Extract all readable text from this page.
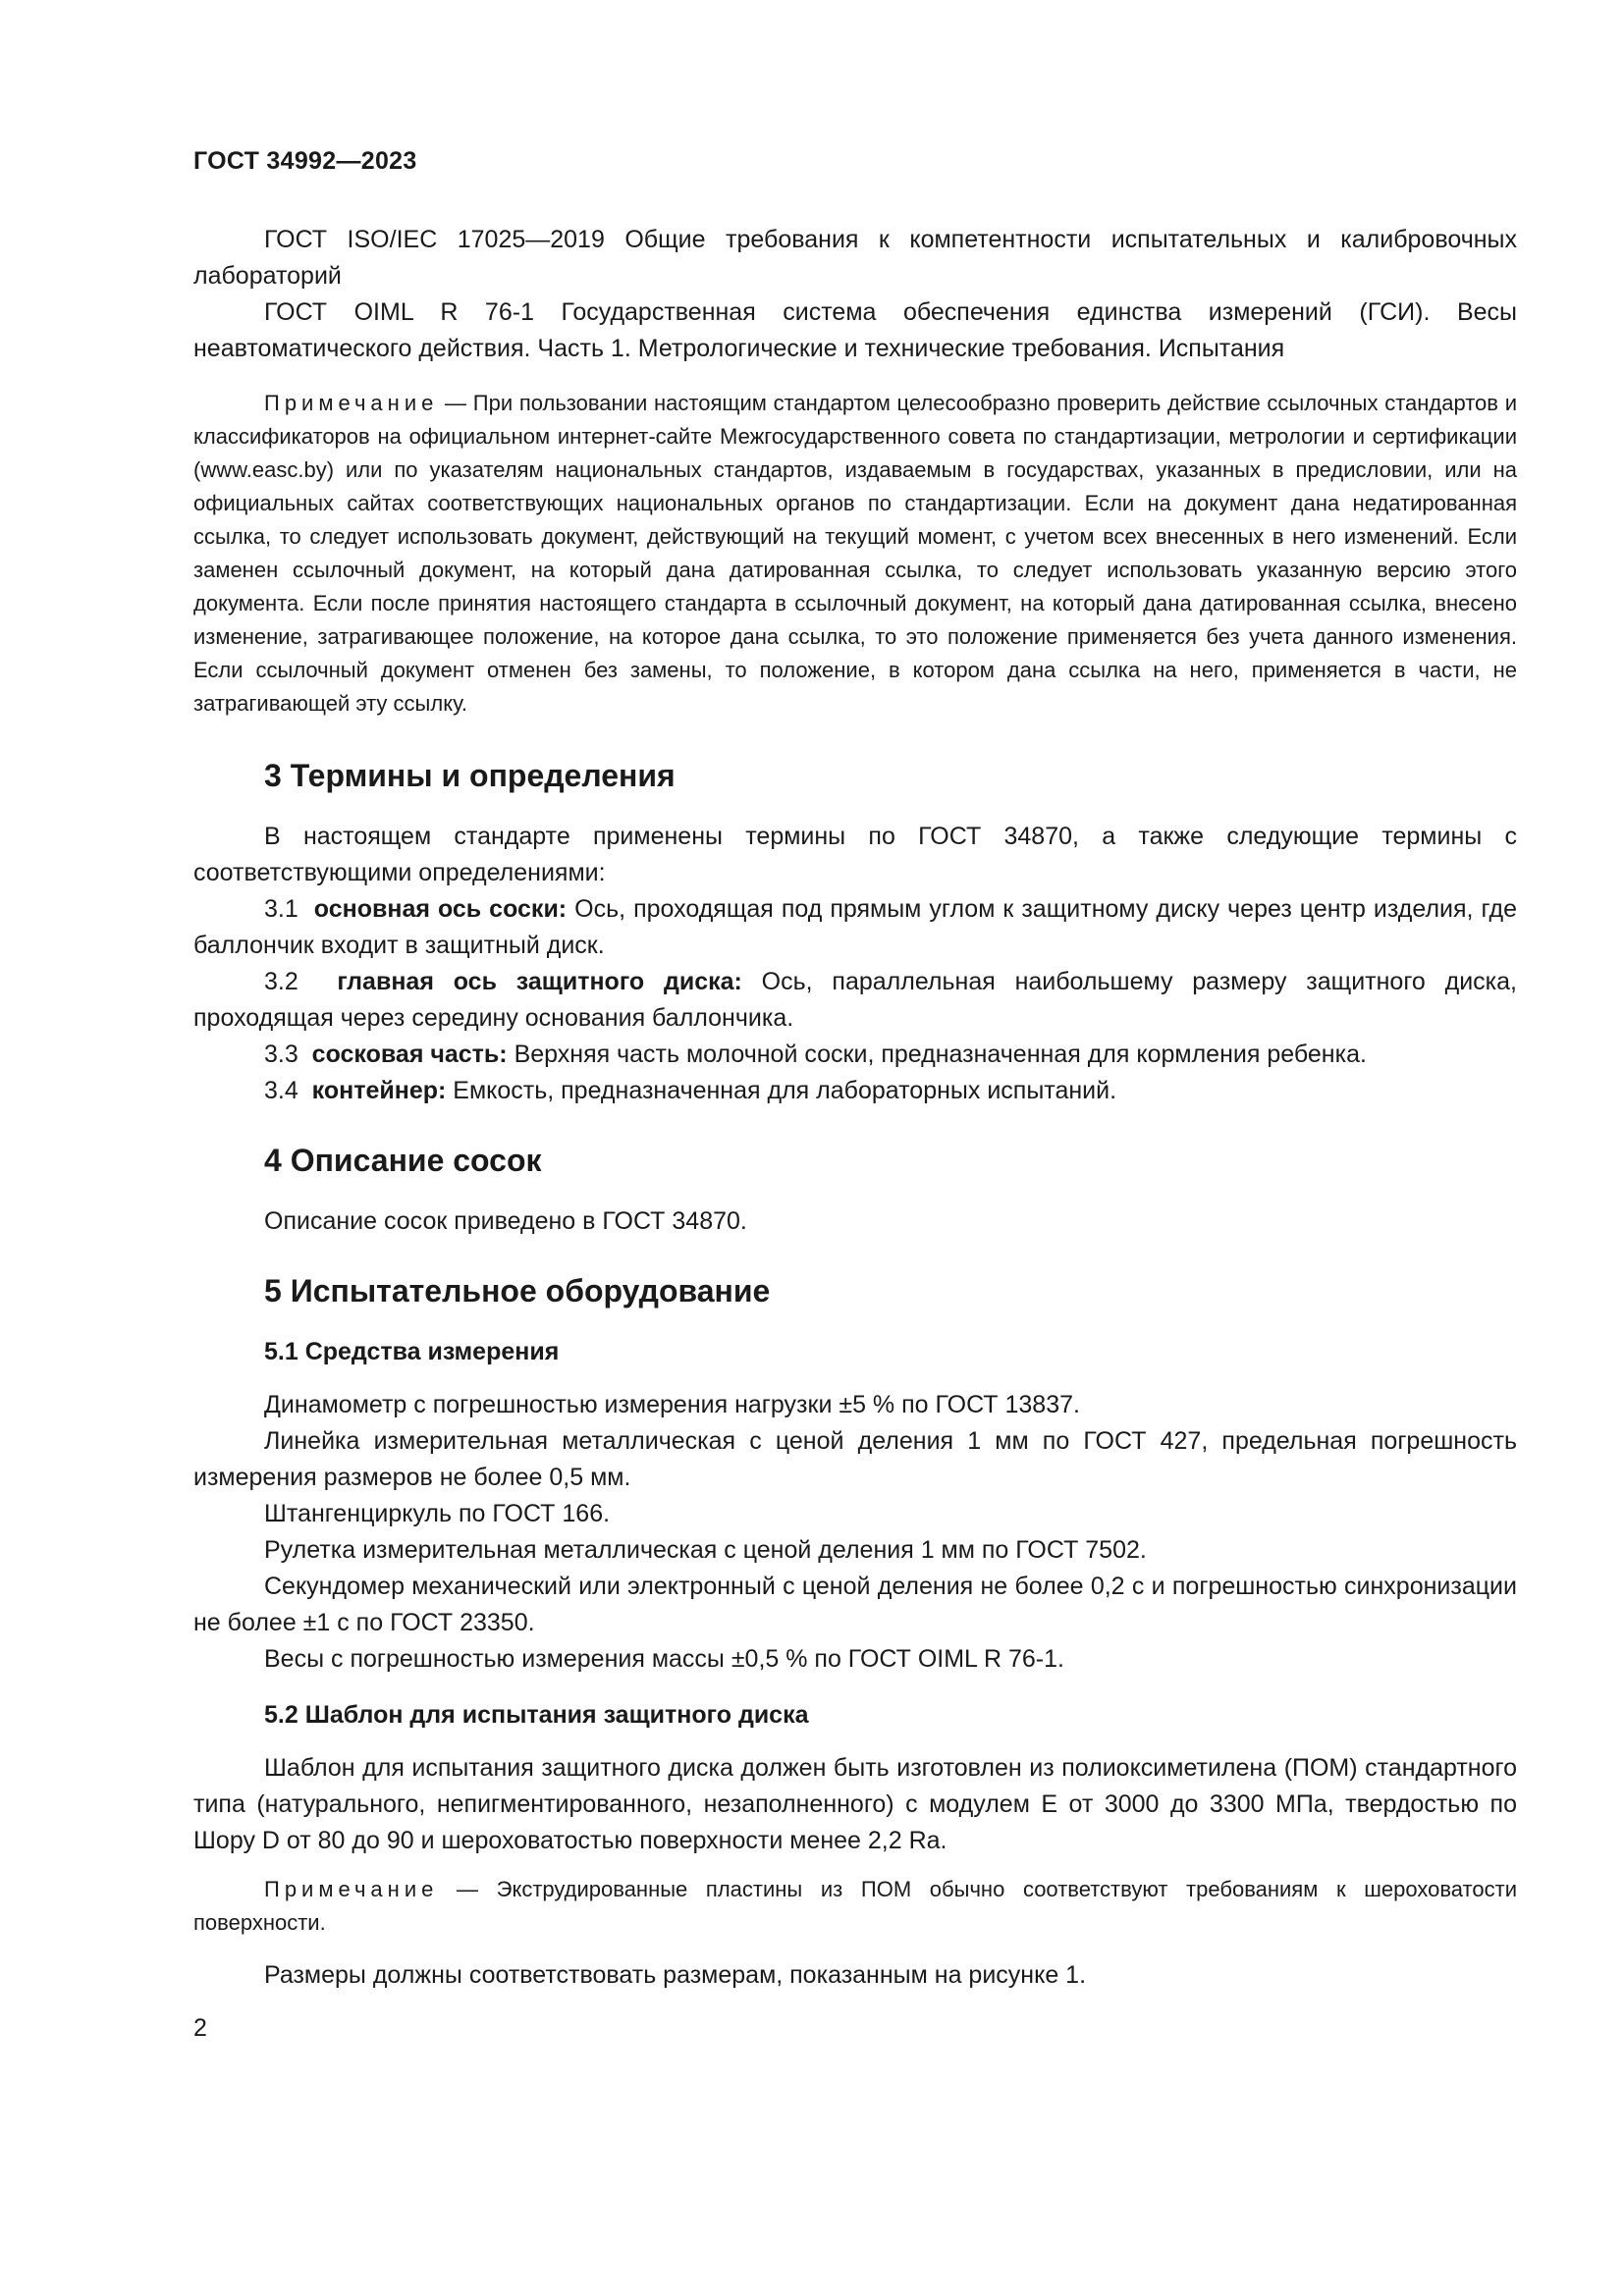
ГОСТ 34992—2023

ГОСТ ISO/IEC 17025—2019 Общие требования к компетентности испытательных и калибровочных лабораторий

ГОСТ OIML R 76-1 Государственная система обеспечения единства измерений (ГСИ). Весы неавтоматического действия. Часть 1. Метрологические и технические требования. Испытания

Примечание — При пользовании настоящим стандартом целесообразно проверить действие ссылочных стандартов и классификаторов на официальном интернет-сайте Межгосударственного совета по стандартизации, метрологии и сертификации (www.easc.by) или по указателям национальных стандартов, издаваемым в государствах, указанных в предисловии, или на официальных сайтах соответствующих национальных органов по стандартизации. Если на документ дана недатированная ссылка, то следует использовать документ, действующий на текущий момент, с учетом всех внесенных в него изменений. Если заменен ссылочный документ, на который дана датированная ссылка, то следует использовать указанную версию этого документа. Если после принятия настоящего стандарта в ссылочный документ, на который дана датированная ссылка, внесено изменение, затрагивающее положение, на которое дана ссылка, то это положение применяется без учета данного изменения. Если ссылочный документ отменен без замены, то положение, в котором дана ссылка на него, применяется в части, не затрагивающей эту ссылку.

3 Термины и определения

В настоящем стандарте применены термины по ГОСТ 34870, а также следующие термины с соответствующими определениями:

3.1 основная ось соски: Ось, проходящая под прямым углом к защитному диску через центр изделия, где баллончик входит в защитный диск.

3.2 главная ось защитного диска: Ось, параллельная наибольшему размеру защитного диска, проходящая через середину основания баллончика.

3.3 сосковая часть: Верхняя часть молочной соски, предназначенная для кормления ребенка.

3.4 контейнер: Емкость, предназначенная для лабораторных испытаний.

4 Описание сосок

Описание сосок приведено в ГОСТ 34870.

5 Испытательное оборудование
5.1 Средства измерения

Динамометр с погрешностью измерения нагрузки ±5 % по ГОСТ 13837.

Линейка измерительная металлическая с ценой деления 1 мм по ГОСТ 427, предельная погрешность измерения размеров не более 0,5 мм.

Штангенциркуль по ГОСТ 166.

Рулетка измерительная металлическая с ценой деления 1 мм по ГОСТ 7502.

Секундомер механический или электронный с ценой деления не более 0,2 с и погрешностью синхронизации не более ±1 с по ГОСТ 23350.

Весы с погрешностью измерения массы ±0,5 % по ГОСТ OIML R 76-1.

5.2 Шаблон для испытания защитного диска

Шаблон для испытания защитного диска должен быть изготовлен из полиоксиметилена (ПОМ) стандартного типа (натурального, непигментированного, незаполненного) с модулем E от 3000 до 3300 МПа, твердостью по Шору D от 80 до 90 и шероховатостью поверхности менее 2,2 Ra.

Примечание — Экструдированные пластины из ПОМ обычно соответствуют требованиям к шероховатости поверхности.

Размеры должны соответствовать размерам, показанным на рисунке 1.

2
